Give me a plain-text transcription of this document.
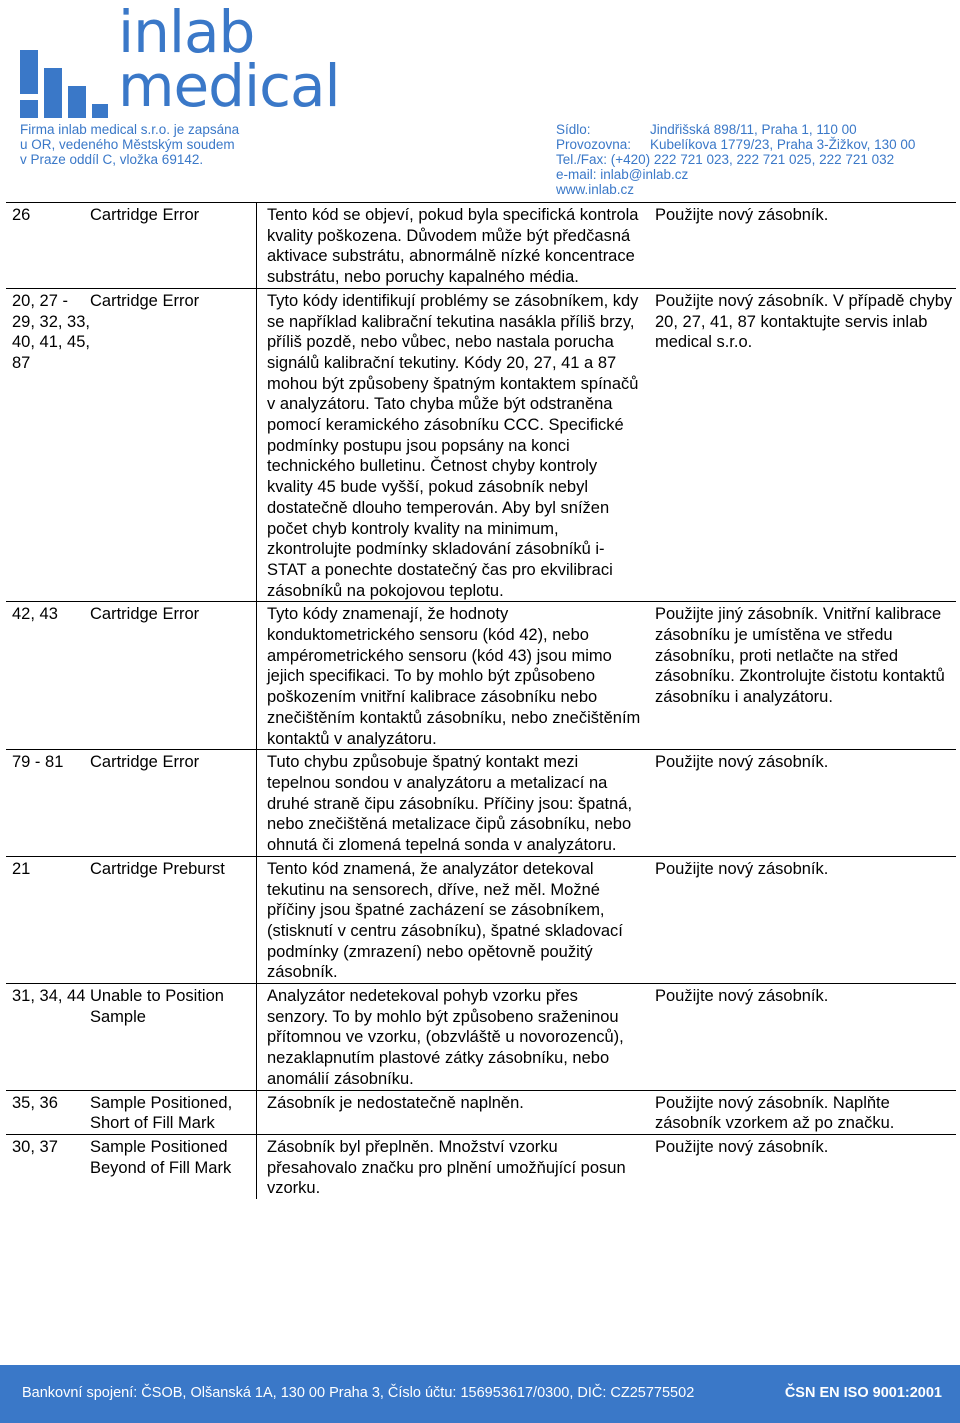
inlab
medical
Firma inlab medical s.r.o. je zapsána
u OR, vedeného Městským soudem
v Praze oddíl C, vložka 69142.
Sídlo:	Jindřišská 898/11, Praha 1, 110 00
Provozovna:	Kubelíkova 1779/23, Praha 3-Žižkov, 130 00
Tel./Fax: (+420) 222 721 023, 222 721 025, 222 721 032
e-mail: inlab@inlab.cz
www.inlab.cz
26	Cartridge Error	Tento kód se objeví, pokud byla specifická kontrola kvality poškozena. Důvodem může být předčasná aktivace substrátu, abnormálně nízké koncentrace substrátu, nebo poruchy kapalného média.	Použijte nový zásobník.
20, 27 - 29, 32, 33, 40, 41, 45, 87	Cartridge Error	Tyto kódy identifikují problémy se zásobníkem, kdy se například kalibrační tekutina nasákla příliš brzy, příliš pozdě, nebo vůbec, nebo nastala porucha signálů kalibrační tekutiny. Kódy 20, 27, 41 a 87 mohou být způsobeny špatným kontaktem spínačů v analyzátoru. Tato chyba může být odstraněna pomocí keramického zásobníku CCC. Specifické podmínky postupu jsou popsány na konci technického bulletinu. Četnost chyby kontroly kvality 45 bude vyšší, pokud zásobník nebyl dostatečně dlouho temperován. Aby byl snížen počet chyb kontroly kvality na minimum, zkontrolujte podmínky skladování zásobníků i-STAT a ponechte dostatečný čas pro ekvilibraci zásobníků na pokojovou teplotu.	Použijte nový zásobník. V případě chyby 20, 27, 41, 87 kontaktujte servis inlab medical s.r.o.
42, 43	Cartridge Error	Tyto kódy znamenají, že hodnoty konduktometrického sensoru (kód 42), nebo ampérometrického sensoru (kód 43) jsou mimo jejich specifikaci. To by mohlo být způsobeno poškozením vnitřní kalibrace zásobníku nebo znečištěním kontaktů zásobníku, nebo znečištěním kontaktů v analyzátoru.	Použijte jiný zásobník. Vnitřní kalibrace zásobníku je umístěna ve středu zásobníku, proti netlačte na střed zásobníku. Zkontrolujte čistotu kontaktů zásobníku i analyzátoru.
79 - 81	Cartridge Error	Tuto chybu způsobuje špatný kontakt mezi tepelnou sondou v analyzátoru a metalizací na druhé straně čipu zásobníku. Příčiny jsou: špatná, nebo znečištěná metalizace čipů zásobníku, nebo ohnutá či zlomená tepelná sonda v analyzátoru.	Použijte nový zásobník.
21	Cartridge Preburst	Tento kód znamená, že analyzátor detekoval tekutinu na sensorech, dříve, než měl. Možné příčiny jsou špatné zacházení se zásobníkem, (stisknutí v centru zásobníku), špatné skladovací podmínky (zmrazení) nebo opětovně použitý zásobník.	Použijte nový zásobník.
31, 34, 44	Unable to Position Sample	Analyzátor nedetekoval pohyb vzorku přes senzory. To by mohlo být způsobeno sraženinou přítomnou ve vzorku, (obzvláště u novorozenců), nezaklapnutím plastové zátky zásobníku, nebo anomálií zásobníku.	Použijte nový zásobník.
35, 36	Sample Positioned, Short of Fill Mark	Zásobník je nedostatečně naplněn.	Použijte nový zásobník. Naplňte zásobník vzorkem až po značku.
30, 37	Sample Positioned Beyond of Fill Mark	Zásobník byl přeplněn. Množství vzorku přesahovalo značku pro plnění umožňující posun vzorku.	Použijte nový zásobník.
Bankovní spojení: ČSOB, Olšanská 1A, 130 00 Praha 3, Číslo účtu: 156953617/0300, DIČ: CZ25775502	ČSN EN ISO 9001:2001
